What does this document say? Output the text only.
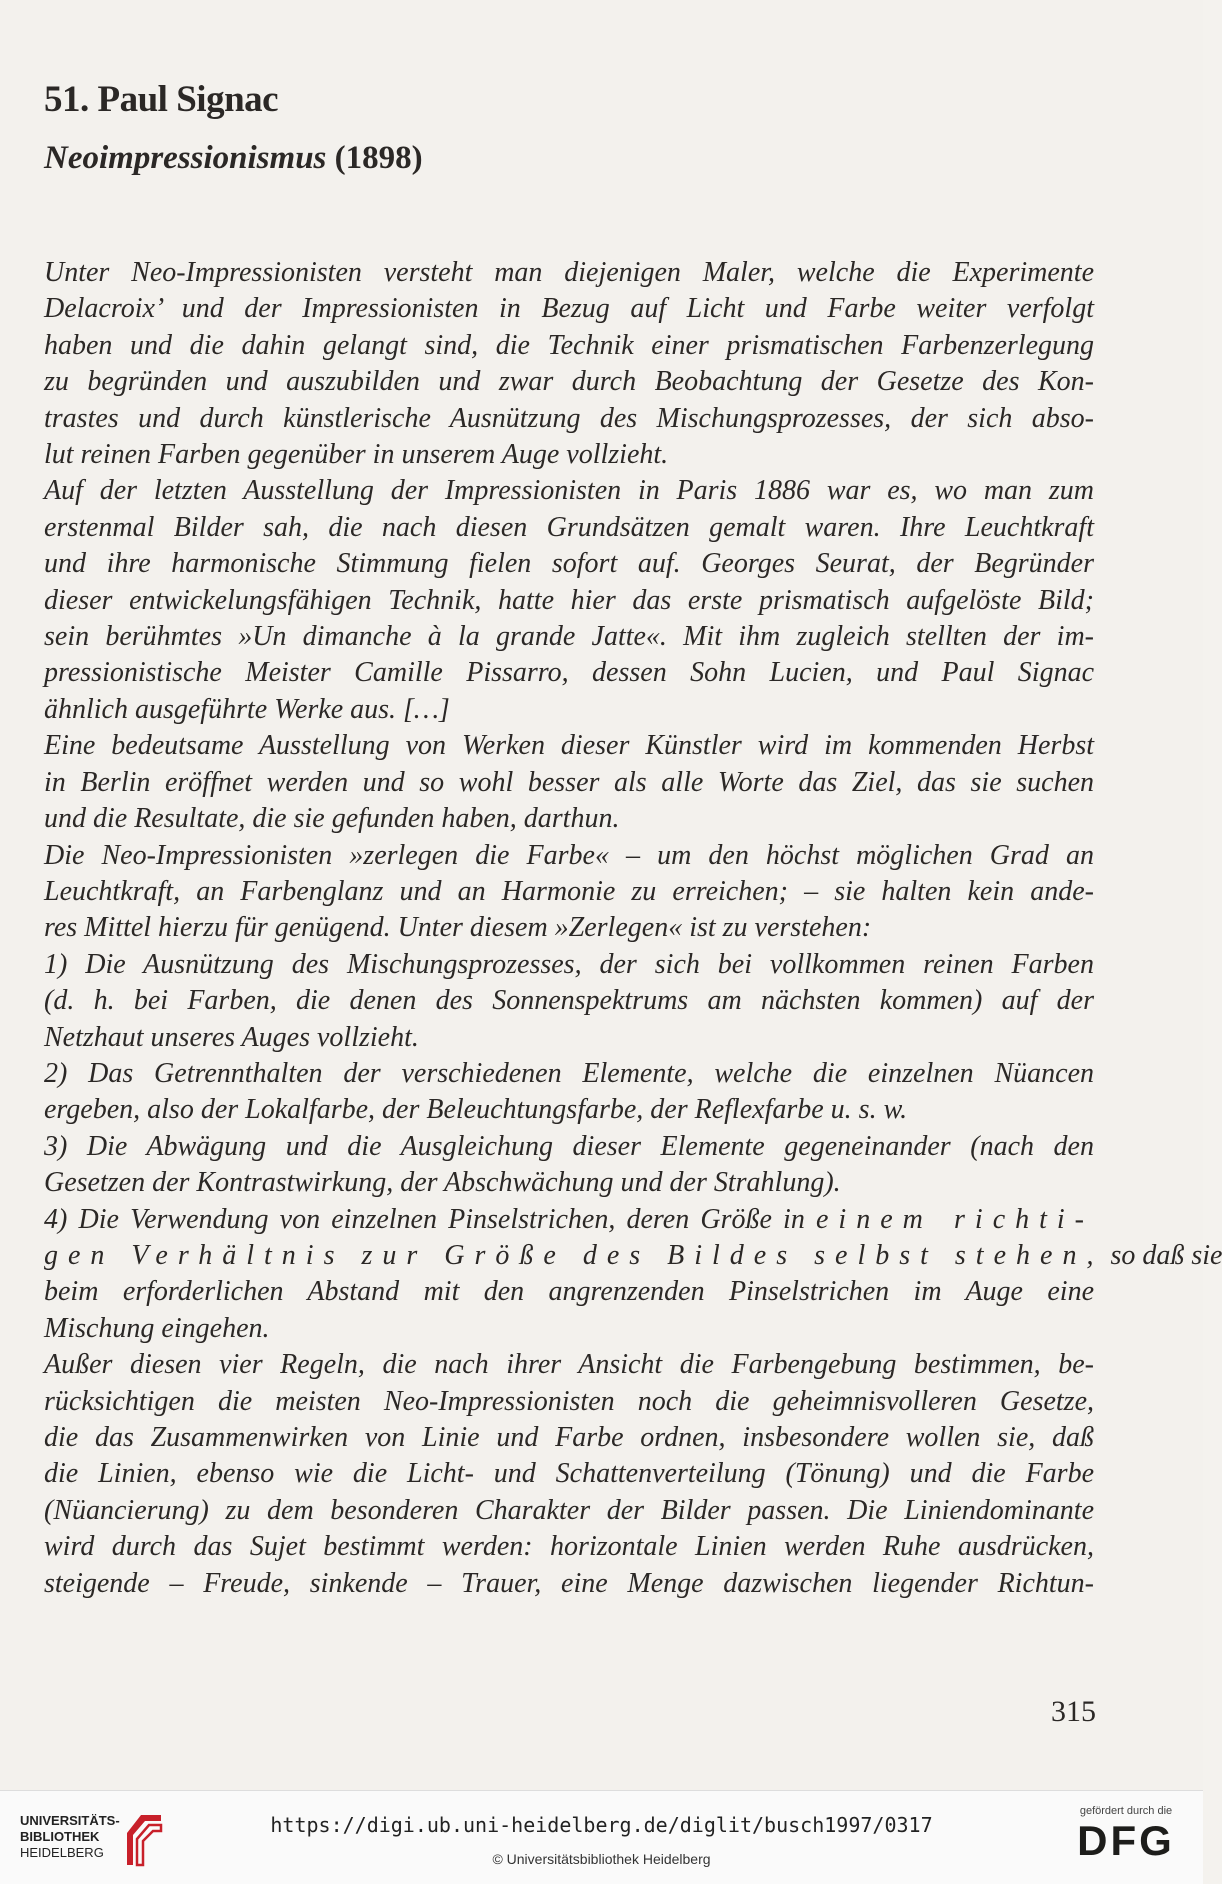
51. Paul Signac
Neoimpressionismus (1898)
Unter Neo-Impressionisten versteht man diejenigen Maler, welche die Experimente
Delacroix’ und der Impressionisten in Bezug auf Licht und Farbe weiter verfolgt
haben und die dahin gelangt sind, die Technik einer prismatischen Farbenzerlegung
zu begründen und auszubilden und zwar durch Beobachtung der Gesetze des Kon-
trastes und durch künstlerische Ausnützung des Mischungsprozesses, der sich abso-
lut reinen Farben gegenüber in unserem Auge vollzieht.
Auf der letzten Ausstellung der Impressionisten in Paris 1886 war es, wo man zum
erstenmal Bilder sah, die nach diesen Grundsätzen gemalt waren. Ihre Leuchtkraft
und ihre harmonische Stimmung fielen sofort auf. Georges Seurat, der Begründer
dieser entwickelungsfähigen Technik, hatte hier das erste prismatisch aufgelöste Bild;
sein berühmtes »Un dimanche à la grande Jatte«. Mit ihm zugleich stellten der im-
pressionistische Meister Camille Pissarro, dessen Sohn Lucien, und Paul Signac
ähnlich ausgeführte Werke aus. […]
Eine bedeutsame Ausstellung von Werken dieser Künstler wird im kommenden Herbst
in Berlin eröffnet werden und so wohl besser als alle Worte das Ziel, das sie suchen
und die Resultate, die sie gefunden haben, darthun.
Die Neo-Impressionisten »zerlegen die Farbe« – um den höchst möglichen Grad an
Leuchtkraft, an Farbenglanz und an Harmonie zu erreichen; – sie halten kein ande-
res Mittel hierzu für genügend. Unter diesem »Zerlegen« ist zu verstehen:
1) Die Ausnützung des Mischungsprozesses, der sich bei vollkommen reinen Farben
(d. h. bei Farben, die denen des Sonnenspektrums am nächsten kommen) auf der
Netzhaut unseres Auges vollzieht.
2) Das Getrennthalten der verschiedenen Elemente, welche die einzelnen Nüancen
ergeben, also der Lokalfarbe, der Beleuchtungsfarbe, der Reflexfarbe u. s. w.
3) Die Abwägung und die Ausgleichung dieser Elemente gegeneinander (nach den
Gesetzen der Kontrastwirkung, der Abschwächung und der Strahlung).
4) Die Verwendung von einzelnen Pinselstrichen, deren Größe in einem richti-
gen Verhältnis zur Größe des Bildes selbst stehen, so daß sie
beim erforderlichen Abstand mit den angrenzenden Pinselstrichen im Auge eine
Mischung eingehen.
Außer diesen vier Regeln, die nach ihrer Ansicht die Farbengebung bestimmen, be-
rücksichtigen die meisten Neo-Impressionisten noch die geheimnisvolleren Gesetze,
die das Zusammenwirken von Linie und Farbe ordnen, insbesondere wollen sie, daß
die Linien, ebenso wie die Licht- und Schattenverteilung (Tönung) und die Farbe
(Nüancierung) zu dem besonderen Charakter der Bilder passen. Die Liniendominante
wird durch das Sujet bestimmt werden: horizontale Linien werden Ruhe ausdrücken,
steigende – Freude, sinkende – Trauer, eine Menge dazwischen liegender Richtun-
315
UNIVERSITÄTS-
BIBLIOTHEK
HEIDELBERG
https://digi.ub.uni-heidelberg.de/diglit/busch1997/0317
© Universitätsbibliothek Heidelberg
gefördert durch die
DFG
